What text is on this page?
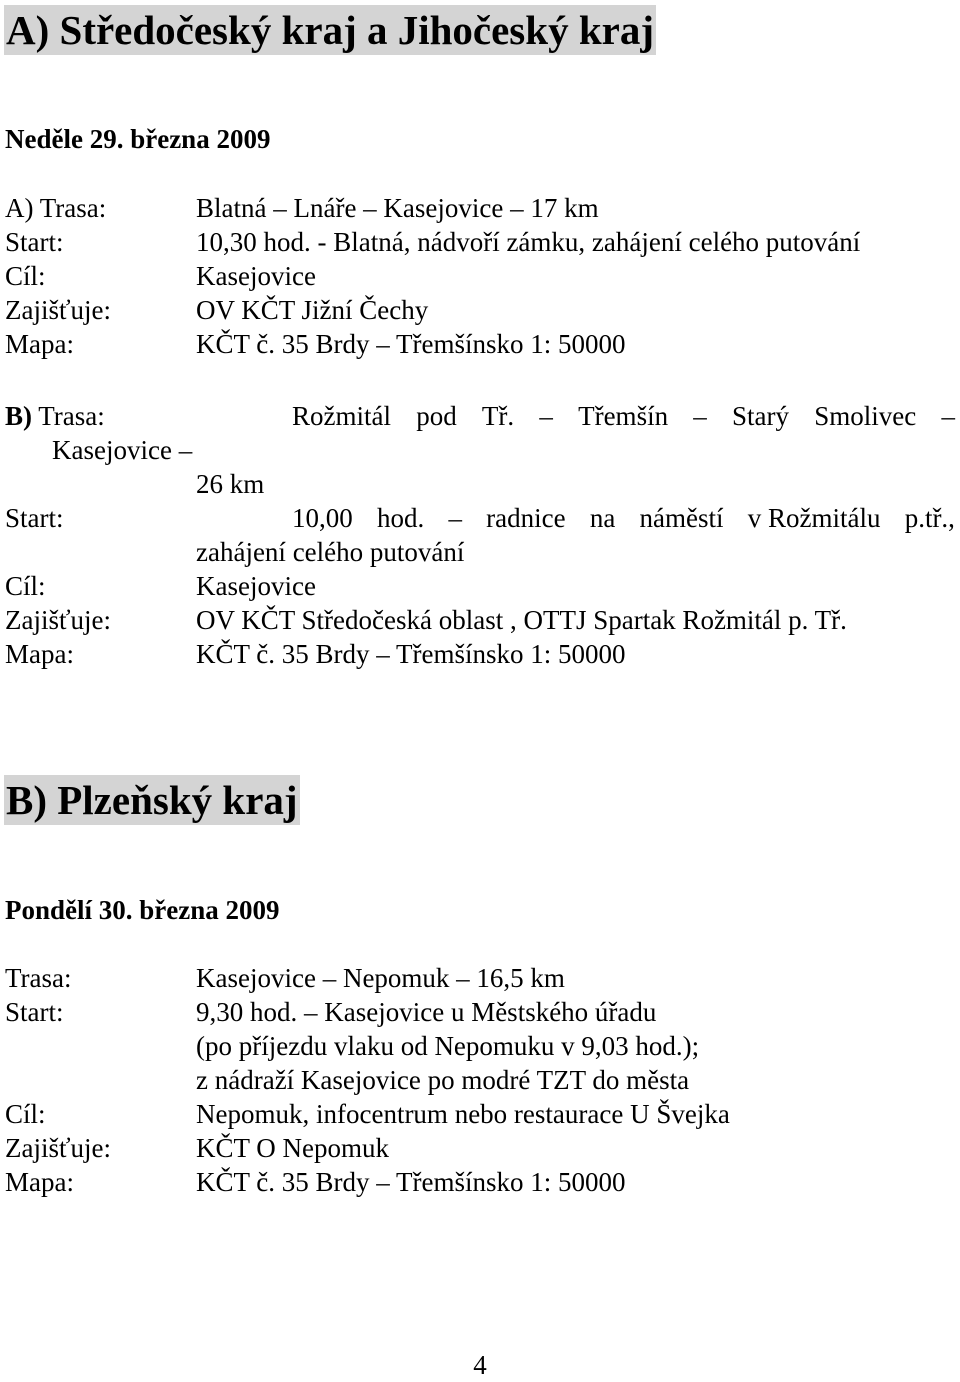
A) Středočeský kraj a Jihočeský kraj
Neděle 29. března 2009
A) Trasa:	Blatná – Lnáře – Kasejovice – 17 km
Start:	10,30 hod. - Blatná, nádvoří zámku, zahájení celého putování
Cíl:	Kasejovice
Zajišťuje:	OV KČT Jižní Čechy
Mapa:	KČT č. 35 Brdy – Třemšínsko 1: 50000
B) Trasa:	Rožmitál pod Tř. – Třemšín – Starý Smolivec –
Kasejovice –
26 km
Start:	10,00 hod. – radnice na náměstí v Rožmitálu p.tř.,
zahájení celého putování
Cíl:	Kasejovice
Zajišťuje:	OV KČT Středočeská oblast , OTTJ Spartak Rožmitál p. Tř.
Mapa:	KČT č. 35 Brdy – Třemšínsko 1: 50000
B) Plzeňský kraj
Pondělí 30. března 2009
Trasa:	Kasejovice – Nepomuk – 16,5 km
Start:	9,30 hod. – Kasejovice u Městského úřadu
(po příjezdu vlaku od Nepomuku v 9,03 hod.);
z nádraží Kasejovice po modré TZT do města
Cíl:	Nepomuk, infocentrum nebo restaurace U Švejka
Zajišťuje:	KČT O Nepomuk
Mapa:	KČT č. 35 Brdy – Třemšínsko 1: 50000
4
